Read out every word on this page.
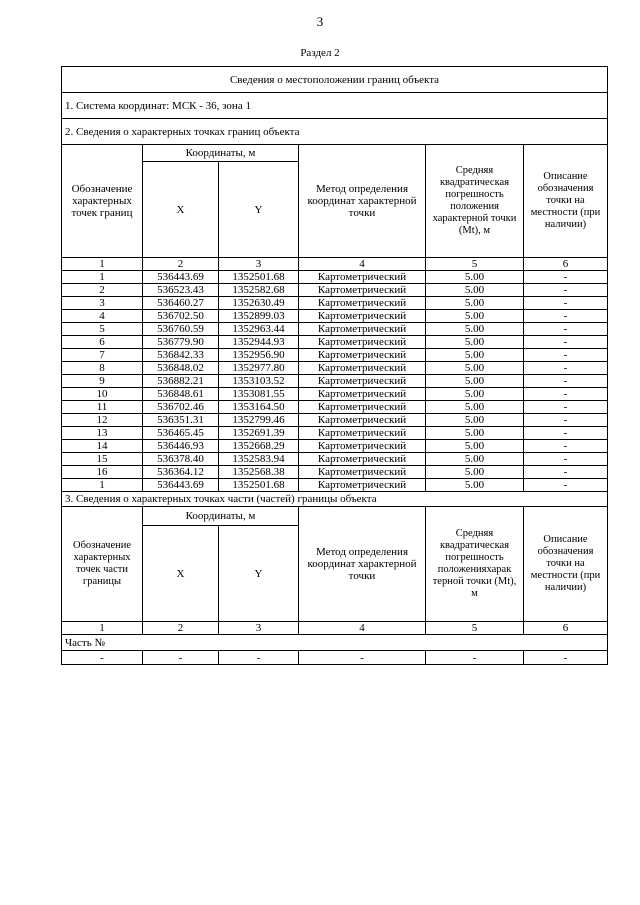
3
Раздел 2
Сведения о местоположении границ объекта					
1. Система координат: МСК - 36, зона 1					
2. Сведения о характерных точках границ объекта					
Обозначение характерных точек границ	Координаты, м		Метод определения координат характерной точки	Средняя квадратическая погрешность положения характерной точки (Mt), м	Описание обозначения точки на местности (при наличии)
	X	Y			
1	2	3	4	5	6
1	536443.69	1352501.68	Картометрический	5.00	-
2	536523.43	1352582.68	Картометрический	5.00	-
3	536460.27	1352630.49	Картометрический	5.00	-
4	536702.50	1352899.03	Картометрический	5.00	-
5	536760.59	1352963.44	Картометрический	5.00	-
6	536779.90	1352944.93	Картометрический	5.00	-
7	536842.33	1352956.90	Картометрический	5.00	-
8	536848.02	1352977.80	Картометрический	5.00	-
9	536882.21	1353103.52	Картометрический	5.00	-
10	536848.61	1353081.55	Картометрический	5.00	-
11	536702.46	1353164.50	Картометрический	5.00	-
12	536351.31	1352799.46	Картометрический	5.00	-
13	536465.45	1352691.39	Картометрический	5.00	-
14	536446.93	1352668.29	Картометрический	5.00	-
15	536378.40	1352583.94	Картометрический	5.00	-
16	536364.12	1352568.38	Картометрический	5.00	-
1	536443.69	1352501.68	Картометрический	5.00	-
3. Сведения о характерных точках части (частей) границы объекта					
Обозначение характерных точек части границы	Координаты, м		Метод определения координат характерной точки	Средняя квадратическая погрешность положенияхарак терной точки (Mt), м	Описание обозначения точки на местности (при наличии)
	X	Y			
1	2	3	4	5	6
Часть №					
-	-	-	-	-	-
